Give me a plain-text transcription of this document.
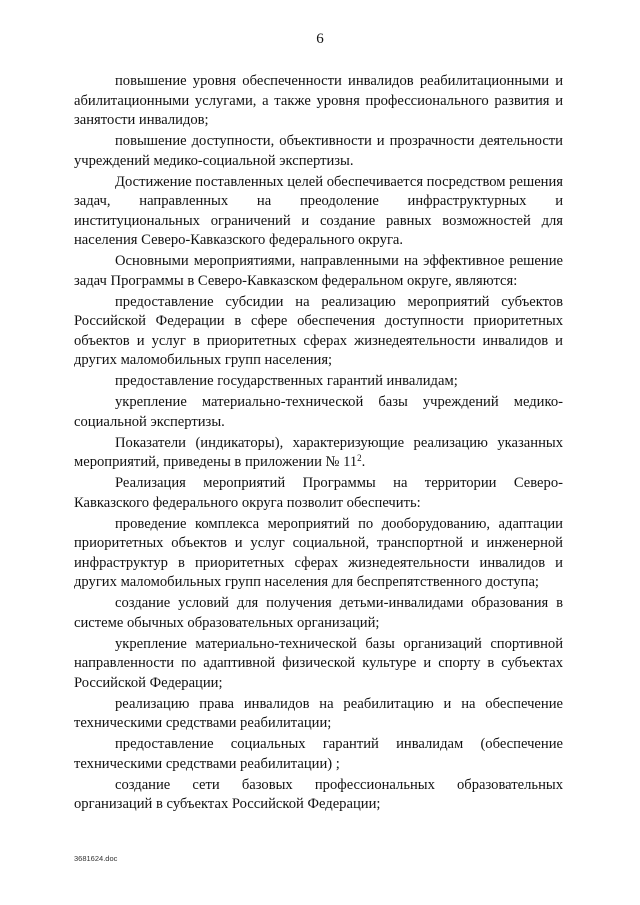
6

повышение уровня обеспеченности инвалидов реабилитационными и абилитационными услугами, а также уровня профессионального развития и занятости инвалидов;

повышение доступности, объективности и прозрачности деятельности учреждений медико-социальной экспертизы.

Достижение поставленных целей обеспечивается посредством решения задач, направленных на преодоление инфраструктурных и институциональных ограничений и создание равных возможностей для населения Северо-Кавказского федерального округа.

Основными мероприятиями, направленными на эффективное решение задач Программы в Северо-Кавказском федеральном округе, являются:

предоставление субсидии на реализацию мероприятий субъектов Российской Федерации в сфере обеспечения доступности приоритетных объектов и услуг в приоритетных сферах жизнедеятельности инвалидов и других маломобильных групп населения;

предоставление государственных гарантий инвалидам;

укрепление материально-технической базы учреждений медико-социальной экспертизы.

Показатели (индикаторы), характеризующие реализацию указанных мероприятий, приведены в приложении № $11^2$.

Реализация мероприятий Программы на территории Северо-Кавказского федерального округа позволит обеспечить:

проведение комплекса мероприятий по дооборудованию, адаптации приоритетных объектов и услуг социальной, транспортной и инженерной инфраструктур в приоритетных сферах жизнедеятельности инвалидов и других маломобильных групп населения для беспрепятственного доступа;

создание условий для получения детьми-инвалидами образования в системе обычных образовательных организаций;

укрепление материально-технической базы организаций спортивной направленности по адаптивной физической культуре и спорту в субъектах Российской Федерации;

реализацию права инвалидов на реабилитацию и на обеспечение техническими средствами реабилитации;

предоставление социальных гарантий инвалидам (обеспечение техническими средствами реабилитации) ;

создание сети базовых профессиональных образовательных организаций в субъектах Российской Федерации;

3681624.doc
